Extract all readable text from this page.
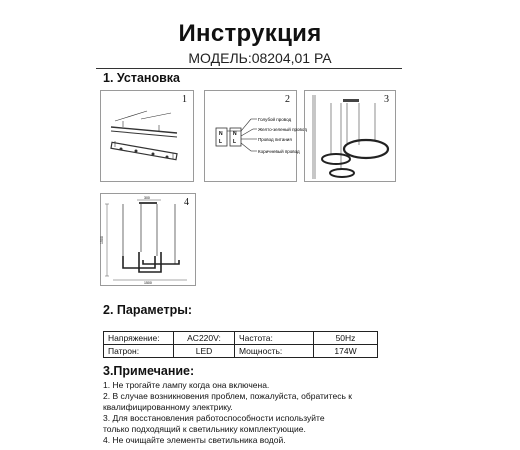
Инструкция
МОДЕЛЬ:08204,01 PA
1. Установка
1	2
N
L
N
L
Голубой провод
Желто-зеленый провод
Провод питания
Коричневый провод
3
4
300
1500
1500
2. Параметры:
Напряжение:	AC220V:	Частота:	50Hz
Патрон:	LED	Мощность:	174W
3.Примечание:
1. Не трогайте лампу когда она включена.
2. В случае возникновения проблем, пожалуйста, обратитесь к
квалифицированному электрику.
3. Для восстановления работоспособности используйте
только подходящий к светильнику комплектующие.
4. Не очищайте элементы светильника водой.
